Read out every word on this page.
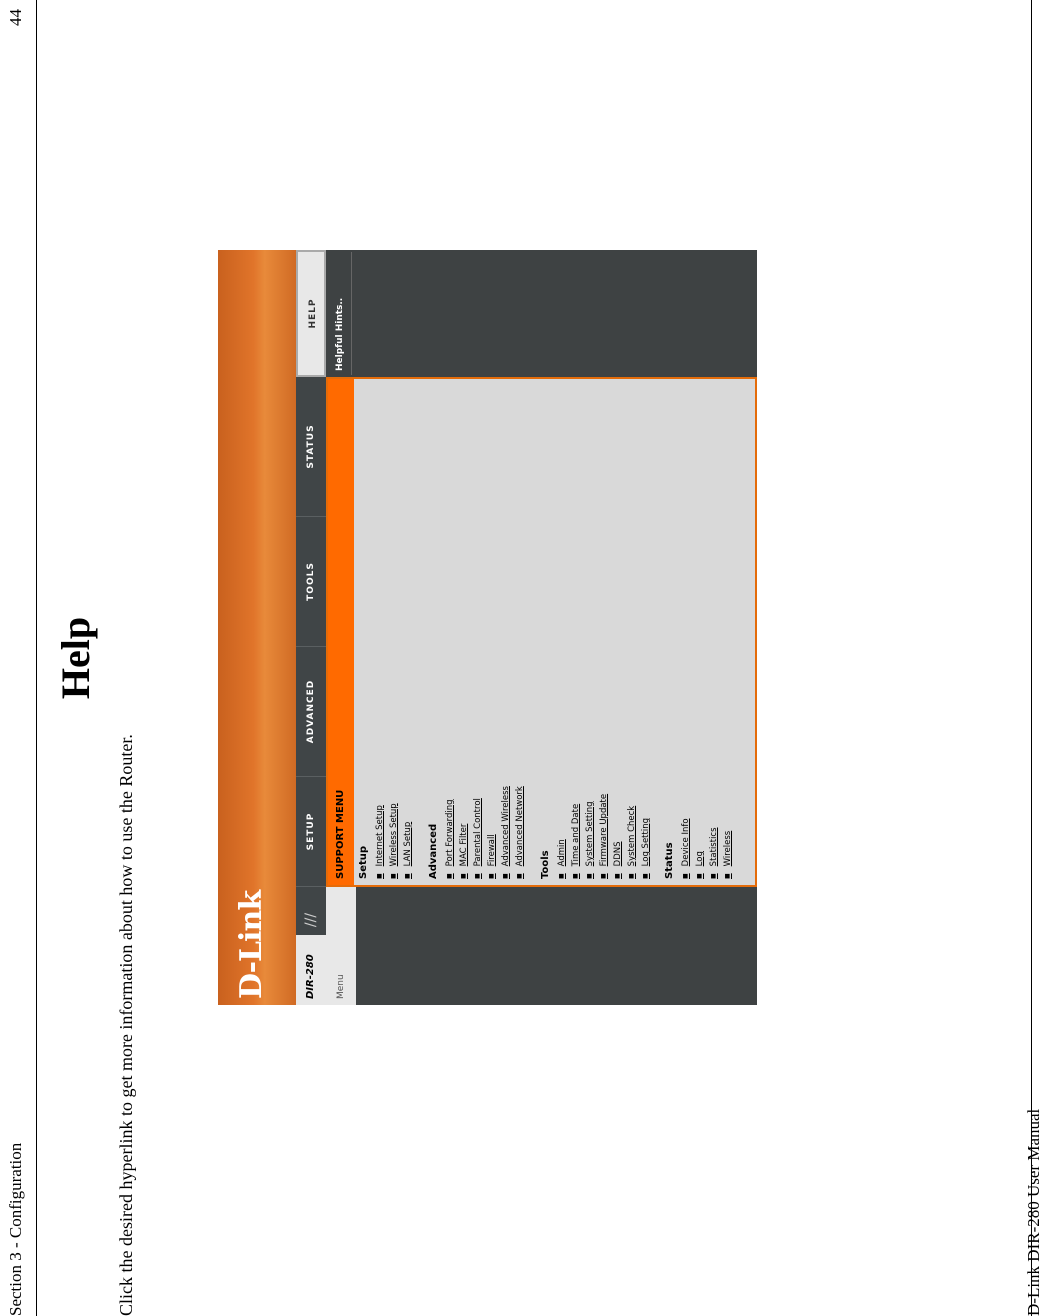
Section 3 - Configuration
44
D-Link DIR-280 User Manual
Help
Click the desired hyperlink to get more information about how to use the Router.	D-Link	DIR-280
///
SETUP
ADVANCED
TOOLS
STATUS
HELP
Menu
SUPPORT MENU	Setup ■ Internet Setup ■ Wireless Setup ■ LAN Setup Advanced ■ Port Forwarding ■ MAC Filter ■ Parental Control ■ Firewall ■ Advanced Wireless ■ Advanced Network Tools ■ Admin ■ Time and Date ■ System Setting ■ Firmware Update ■ DDNS ■ System Check ■ Log Setting Status ■ Device Info ■ Log ■ Statistics ■ Wireless
Helpful Hints..
